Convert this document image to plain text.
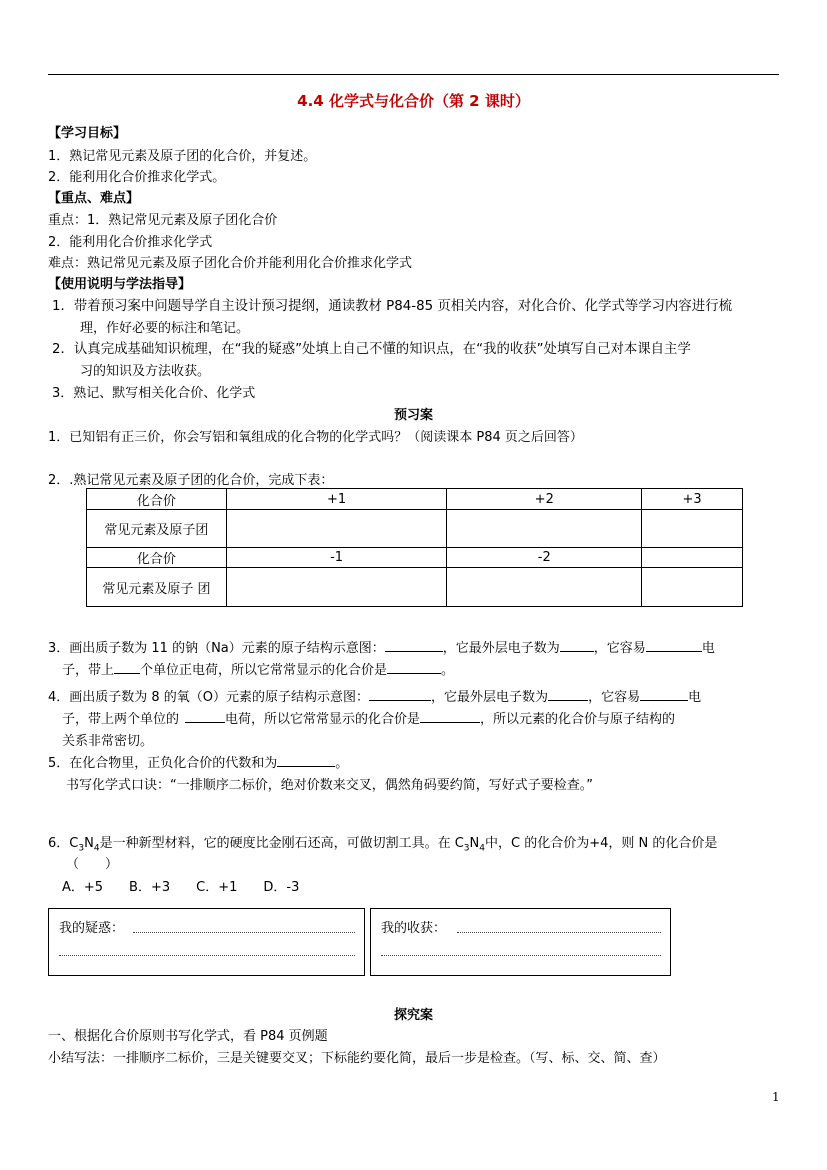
4.4 化学式与化合价（第 2 课时）
【学习目标】
1．熟记常见元素及原子团的化合价，并复述。
2．能利用化合价推求化学式。
【重点、难点】
重点：1．熟记常见元素及原子团化合价
2．能利用化合价推求化学式
难点：熟记常见元素及原子团化合价并能利用化合价推求化学式
【使用说明与学法指导】
1．带着预习案中问题导学自主设计预习提纲，通读教材 P84-85 页相关内容，对化合价、化学式等学习内容进行梳
理，作好必要的标注和笔记。
2．认真完成基础知识梳理，在“我的疑惑”处填上自己不懂的知识点，在“我的收获”处填写自己对本课自主学
习的知识及方法收获。
3．熟记、默写相关化合价、化学式
预习案
1．已知铝有正三价，你会写铝和氧组成的化合物的化学式吗？（阅读课本 P84 页之后回答）
2．.熟记常见元素及原子团的化合价，完成下表：
化合价	+1	+2	+3
常见元素及原子团			
化合价	-1	-2	
常见元素及原子 团			
3．画出质子数为 11 的钠（Na）元素的原子结构示意图：	，它最外层电子数为	，它容易	电
子，带上 个单位正电荷，所以它常常显示的化合价是	。
4．画出质子数为 8 的氧（O）元素的原子结构示意图：	，它最外层电子数为	，它容易	电
子，带上两个单位的	电荷，所以它常常显示的化合价是	，所以元素的化合价与原子结构的
关系非常密切。
5．在化合物里，正负化合价的代数和为	。
书写化学式口诀：“一排顺序二标价，绝对价数来交叉，偶然角码要约简，写好式子要检查。”
6．$C_3N_4$是一种新型材料，它的硬度比金刚石还高，可做切割工具。在 $C_3N_4$中，C 的化合价为+4，则 N 的化合价是
（　　）
A．+5　　B．+3　　C．+1　　D．-3
我的疑惑：	我的收获：
探究案
一、根据化合价原则书写化学式，看 P84 页例题
小结写法：一排顺序二标价，三是关键要交叉；下标能约要化简，最后一步是检查。（写、标、交、简、查）
1
